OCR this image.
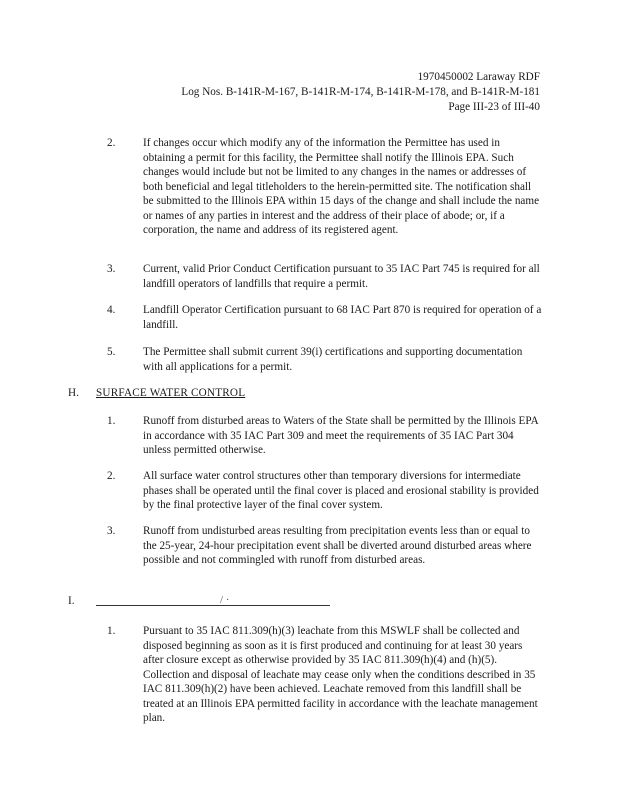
1970450002 Laraway RDF
Log Nos. B-141R-M-167, B-141R-M-174, B-141R-M-178, and B-141R-M-181
Page III-23 of III-40
2. If changes occur which modify any of the information the Permittee has used in obtaining a permit for this facility, the Permittee shall notify the Illinois EPA. Such changes would include but not be limited to any changes in the names or addresses of both beneficial and legal titleholders to the herein-permitted site. The notification shall be submitted to the Illinois EPA within 15 days of the change and shall include the name or names of any parties in interest and the address of their place of abode; or, if a corporation, the name and address of its registered agent.
3. Current, valid Prior Conduct Certification pursuant to 35 IAC Part 745 is required for all landfill operators of landfills that require a permit.
4. Landfill Operator Certification pursuant to 68 IAC Part 870 is required for operation of a landfill.
5. The Permittee shall submit current 39(i) certifications and supporting documentation with all applications for a permit.
H. SURFACE WATER CONTROL
1. Runoff from disturbed areas to Waters of the State shall be permitted by the Illinois EPA in accordance with 35 IAC Part 309 and meet the requirements of 35 IAC Part 304 unless permitted otherwise.
2. All surface water control structures other than temporary diversions for intermediate phases shall be operated until the final cover is placed and erosional stability is provided by the final protective layer of the final cover system.
3. Runoff from undisturbed areas resulting from precipitation events less than or equal to the 25-year, 24-hour precipitation event shall be diverted around disturbed areas where possible and not commingled with runoff from disturbed areas.
I.	/ ·
1. Pursuant to 35 IAC 811.309(h)(3) leachate from this MSWLF shall be collected and disposed beginning as soon as it is first produced and continuing for at least 30 years after closure except as otherwise provided by 35 IAC 811.309(h)(4) and (h)(5). Collection and disposal of leachate may cease only when the conditions described in 35 IAC 811.309(h)(2) have been achieved. Leachate removed from this landfill shall be treated at an Illinois EPA permitted facility in accordance with the leachate management plan.
